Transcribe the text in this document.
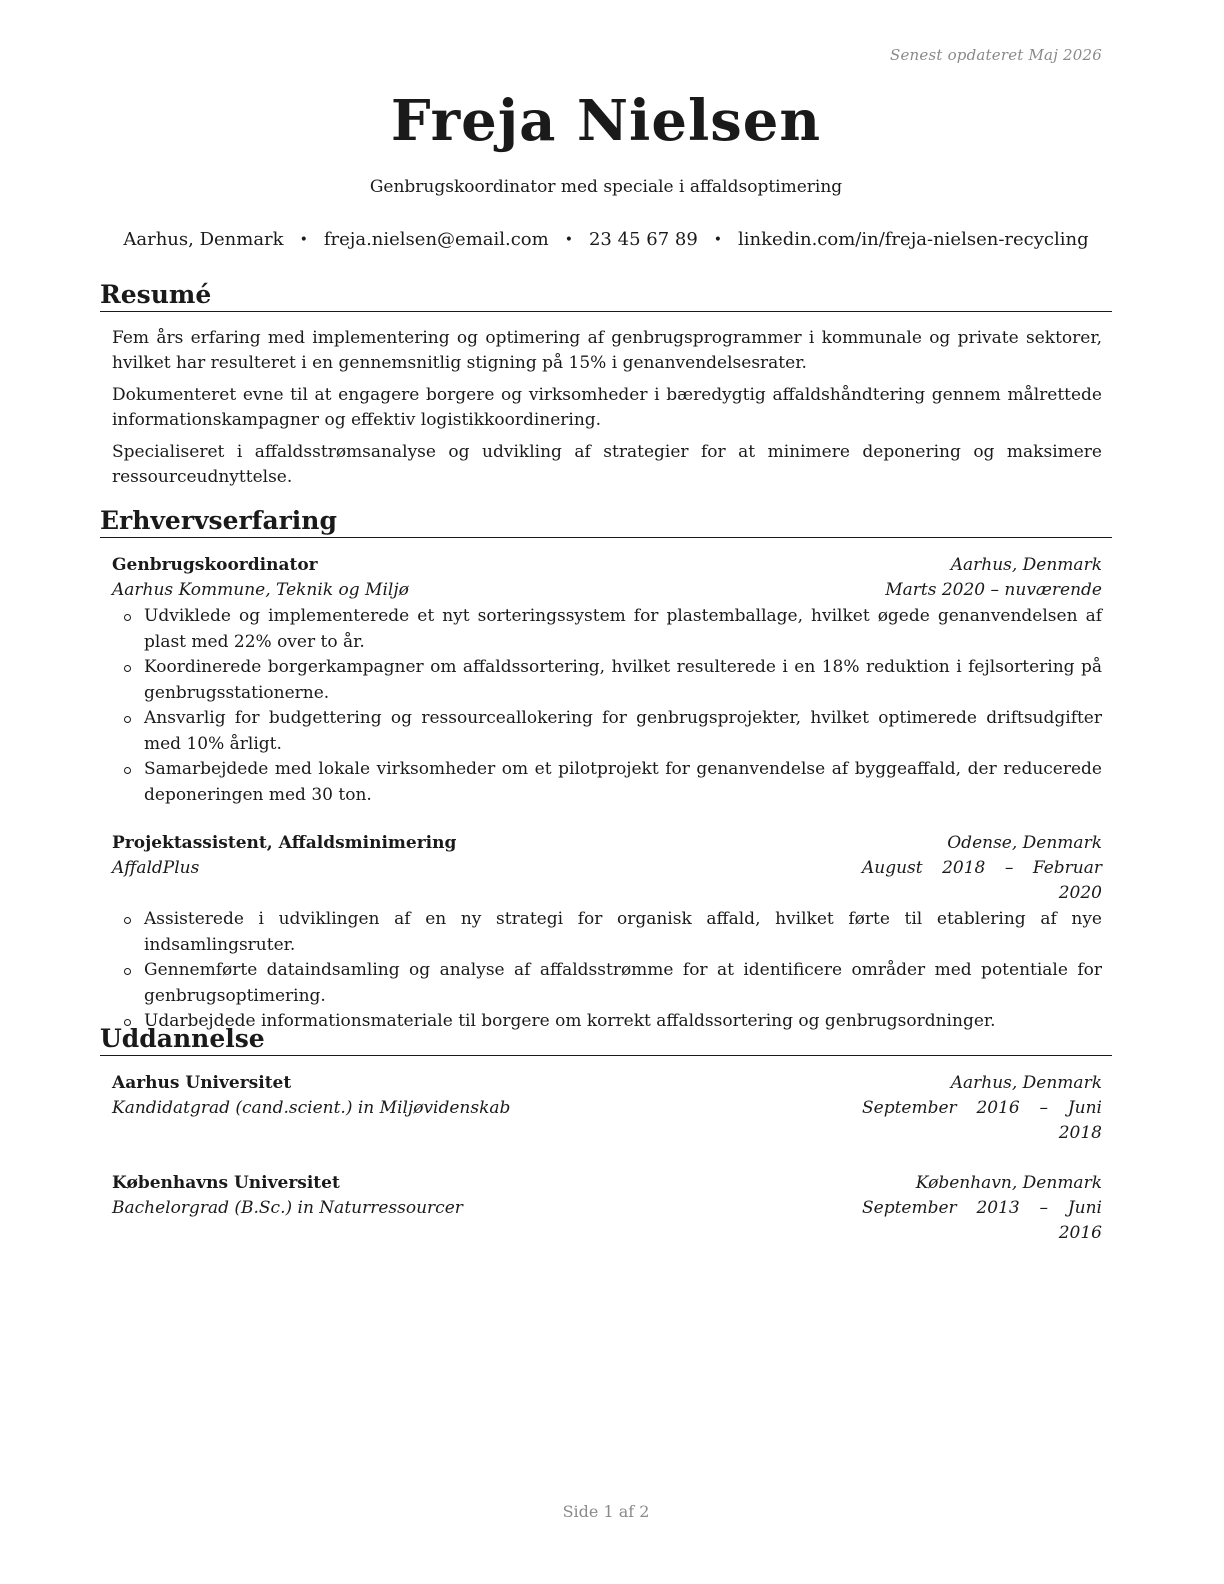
Senest opdateret Maj 2026
Freja Nielsen
Genbrugskoordinator med speciale i affaldsoptimering
Aarhus, Denmark • freja.nielsen@email.com • 23 45 67 89 • linkedin.com/in/freja-nielsen-recycling
Resumé

Fem års erfaring med implementering og optimering af genbrugsprogrammer i kommunale og private sektorer, hvilket har resulteret i en gennemsnitlig stigning på 15% i genanvendelsesrater.

Dokumenteret evne til at engagere borgere og virksomheder i bæredygtig affaldshåndtering gennem målrettede informationskampagner og effektiv logistikkoordinering.

Specialiseret i affaldsstrømsanalyse og udvikling af strategier for at minimere deponering og maksimere ressourceudnyttelse.

Erhvervserfaring
Genbrugskoordinator	Aarhus, Denmark
Aarhus Kommune, Teknik og Miljø	Marts 2020 – nuværende
Udviklede og implementerede et nyt sorteringssystem for plastemballage, hvilket øgede genanvendelsen af plast med 22% over to år.
Koordinerede borgerkampagner om affaldssortering, hvilket resulterede i en 18% reduktion i fejlsortering på genbrugsstationerne.
Ansvarlig for budgettering og ressourceallokering for genbrugsprojekter, hvilket optimerede driftsudgifter med 10% årligt.
Samarbejdede med lokale virksomheder om et pilotprojekt for genanvendelse af byggeaffald, der reducerede deponeringen med 30 ton.
Projektassistent, Affaldsminimering	Odense, Denmark
AffaldPlus	August 2018 – Februar
2020
Assisterede i udviklingen af en ny strategi for organisk affald, hvilket førte til etablering af nye indsamlingsruter.
Gennemførte dataindsamling og analyse af affaldsstrømme for at identificere områder med potentiale for genbrugsoptimering.
Udarbejdede informationsmateriale til borgere om korrekt affaldssortering og genbrugsordninger.
Uddannelse
Aarhus Universitet	Aarhus, Denmark
Kandidatgrad (cand.scient.) in Miljøvidenskab	September 2016 – Juni
2018
Københavns Universitet	København, Denmark
Bachelorgrad (B.Sc.) in Naturressourcer	September 2013 – Juni
2016
Side 1 af 2
